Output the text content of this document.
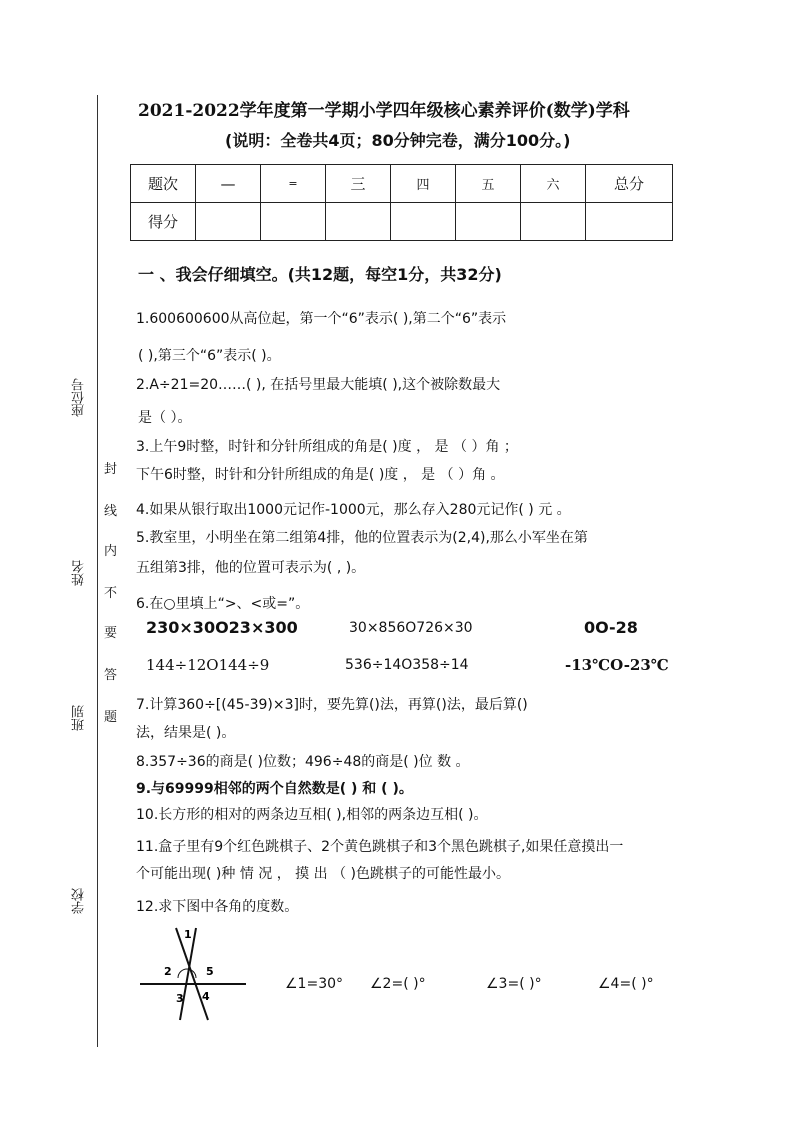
座位号
姓名
班别
学校
封
线
内
不
要
答
题
2021-2022学年度第一学期小学四年级核心素养评价(数学)学科
(说明：全卷共4页；80分钟完卷，满分100分。)
题次	—	=	三	四	五	六	总分
得分							
一 、我会仔细填空。(共12题，每空1分，共32分)
1.600600600从高位起，第一个“6”表示( ),第二个“6”表示
( ),第三个“6”表示( )。
2.A÷21=20……( ), 在括号里最大能填( ),这个被除数最大
是（ ）。
3.上午9时整，时针和分针所组成的角是( )度 ， 是 （ ）角 ；
下午6时整，时针和分针所组成的角是( )度 ， 是 （ ）角 。
4.如果从银行取出1000元记作-1000元，那么存入280元记作( ) 元 。
5.教室里，小明坐在第二组第4排，他的位置表示为(2,4),那么小军坐在第
五组第3排，他的位置可表示为( , )。
6.在○里填上“>、<或=”。
230×30O23×300	30×856O726×30	0O-28
144÷12O144÷9	536÷14O358÷14	-13℃O-23℃
7.计算360÷[(45-39)×3]时，要先算()法，再算()法，最后算()
法，结果是( )。
8.357÷36的商是( )位数；496÷48的商是( )位 数 。
9.与69999相邻的两个自然数是( ) 和 ( )。
10.长方形的相对的两条边互相( ),相邻的两条边互相( )。
11.盒子里有9个红色跳棋子、2个黄色跳棋子和3个黑色跳棋子,如果任意摸出一
个可能出现( )种 情 况 ， 摸 出 （ )色跳棋子的可能性最小。
12.求下图中各角的度数。
1
2	5
3 4
∠1=30° ∠2=( )°	∠3=( )°	∠4=( )°
